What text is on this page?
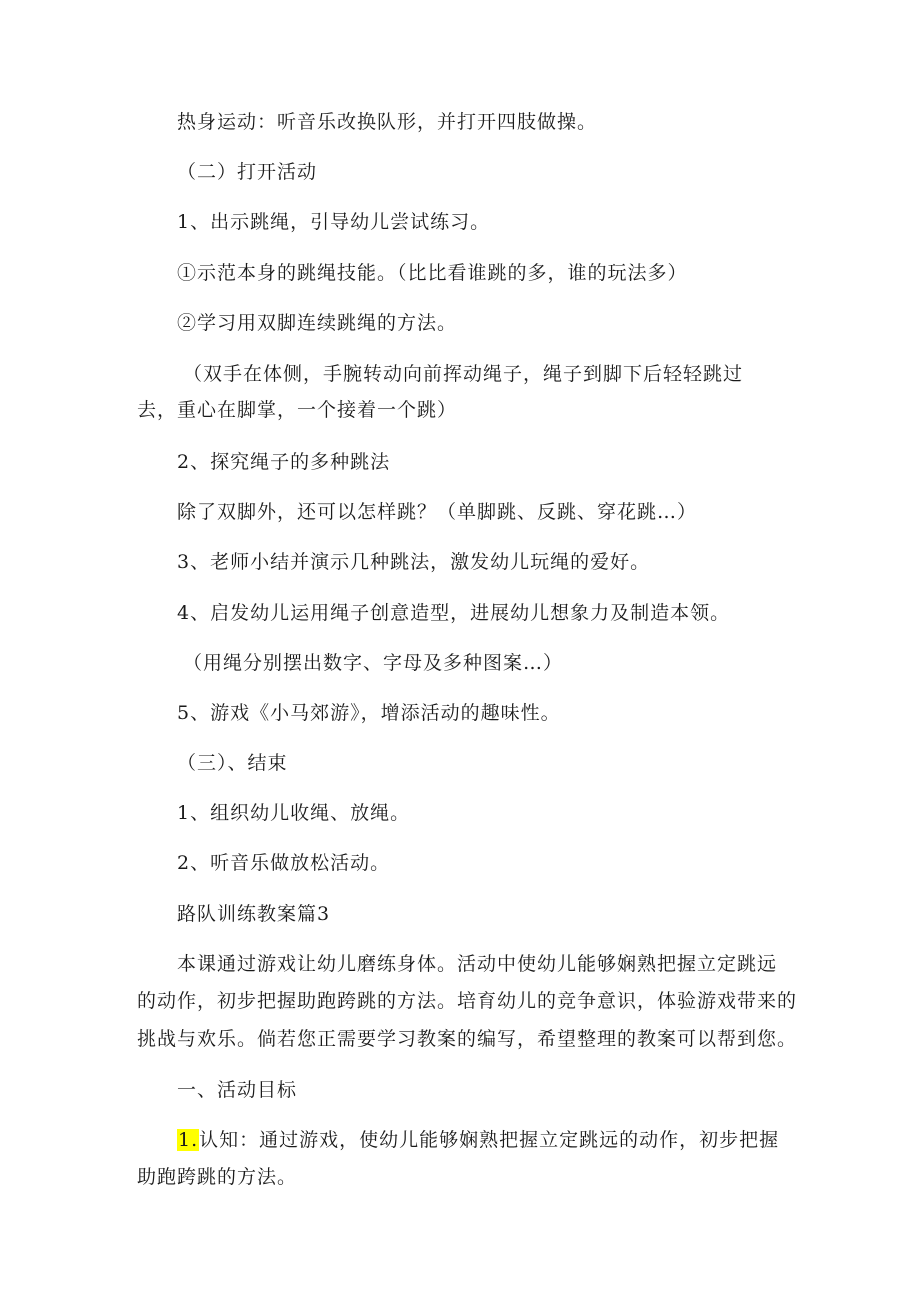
热身运动：听音乐改换队形，并打开四肢做操。
（二）打开活动
1、出示跳绳，引导幼儿尝试练习。
①示范本身的跳绳技能。（比比看谁跳的多，谁的玩法多）
②学习用双脚连续跳绳的方法。
（双手在体侧，手腕转动向前挥动绳子，绳子到脚下后轻轻跳过
去，重心在脚掌，一个接着一个跳）
2、探究绳子的多种跳法
除了双脚外，还可以怎样跳？（单脚跳、反跳、穿花跳…）
3、老师小结并演示几种跳法，激发幼儿玩绳的爱好。
4、启发幼儿运用绳子创意造型，进展幼儿想象力及制造本领。
（用绳分别摆出数字、字母及多种图案…）
5、游戏《小马郊游》，增添活动的趣味性。
（三）、结束
1、组织幼儿收绳、放绳。
2、听音乐做放松活动。
路队训练教案篇3
本课通过游戏让幼儿磨练身体。活动中使幼儿能够娴熟把握立定跳远
的动作，初步把握助跑跨跳的方法。培育幼儿的竞争意识，体验游戏带来的
挑战与欢乐。倘若您正需要学习教案的编写，希望整理的教案可以帮到您。
一、活动目标
1.认知：通过游戏，使幼儿能够娴熟把握立定跳远的动作，初步把握
助跑跨跳的方法。
